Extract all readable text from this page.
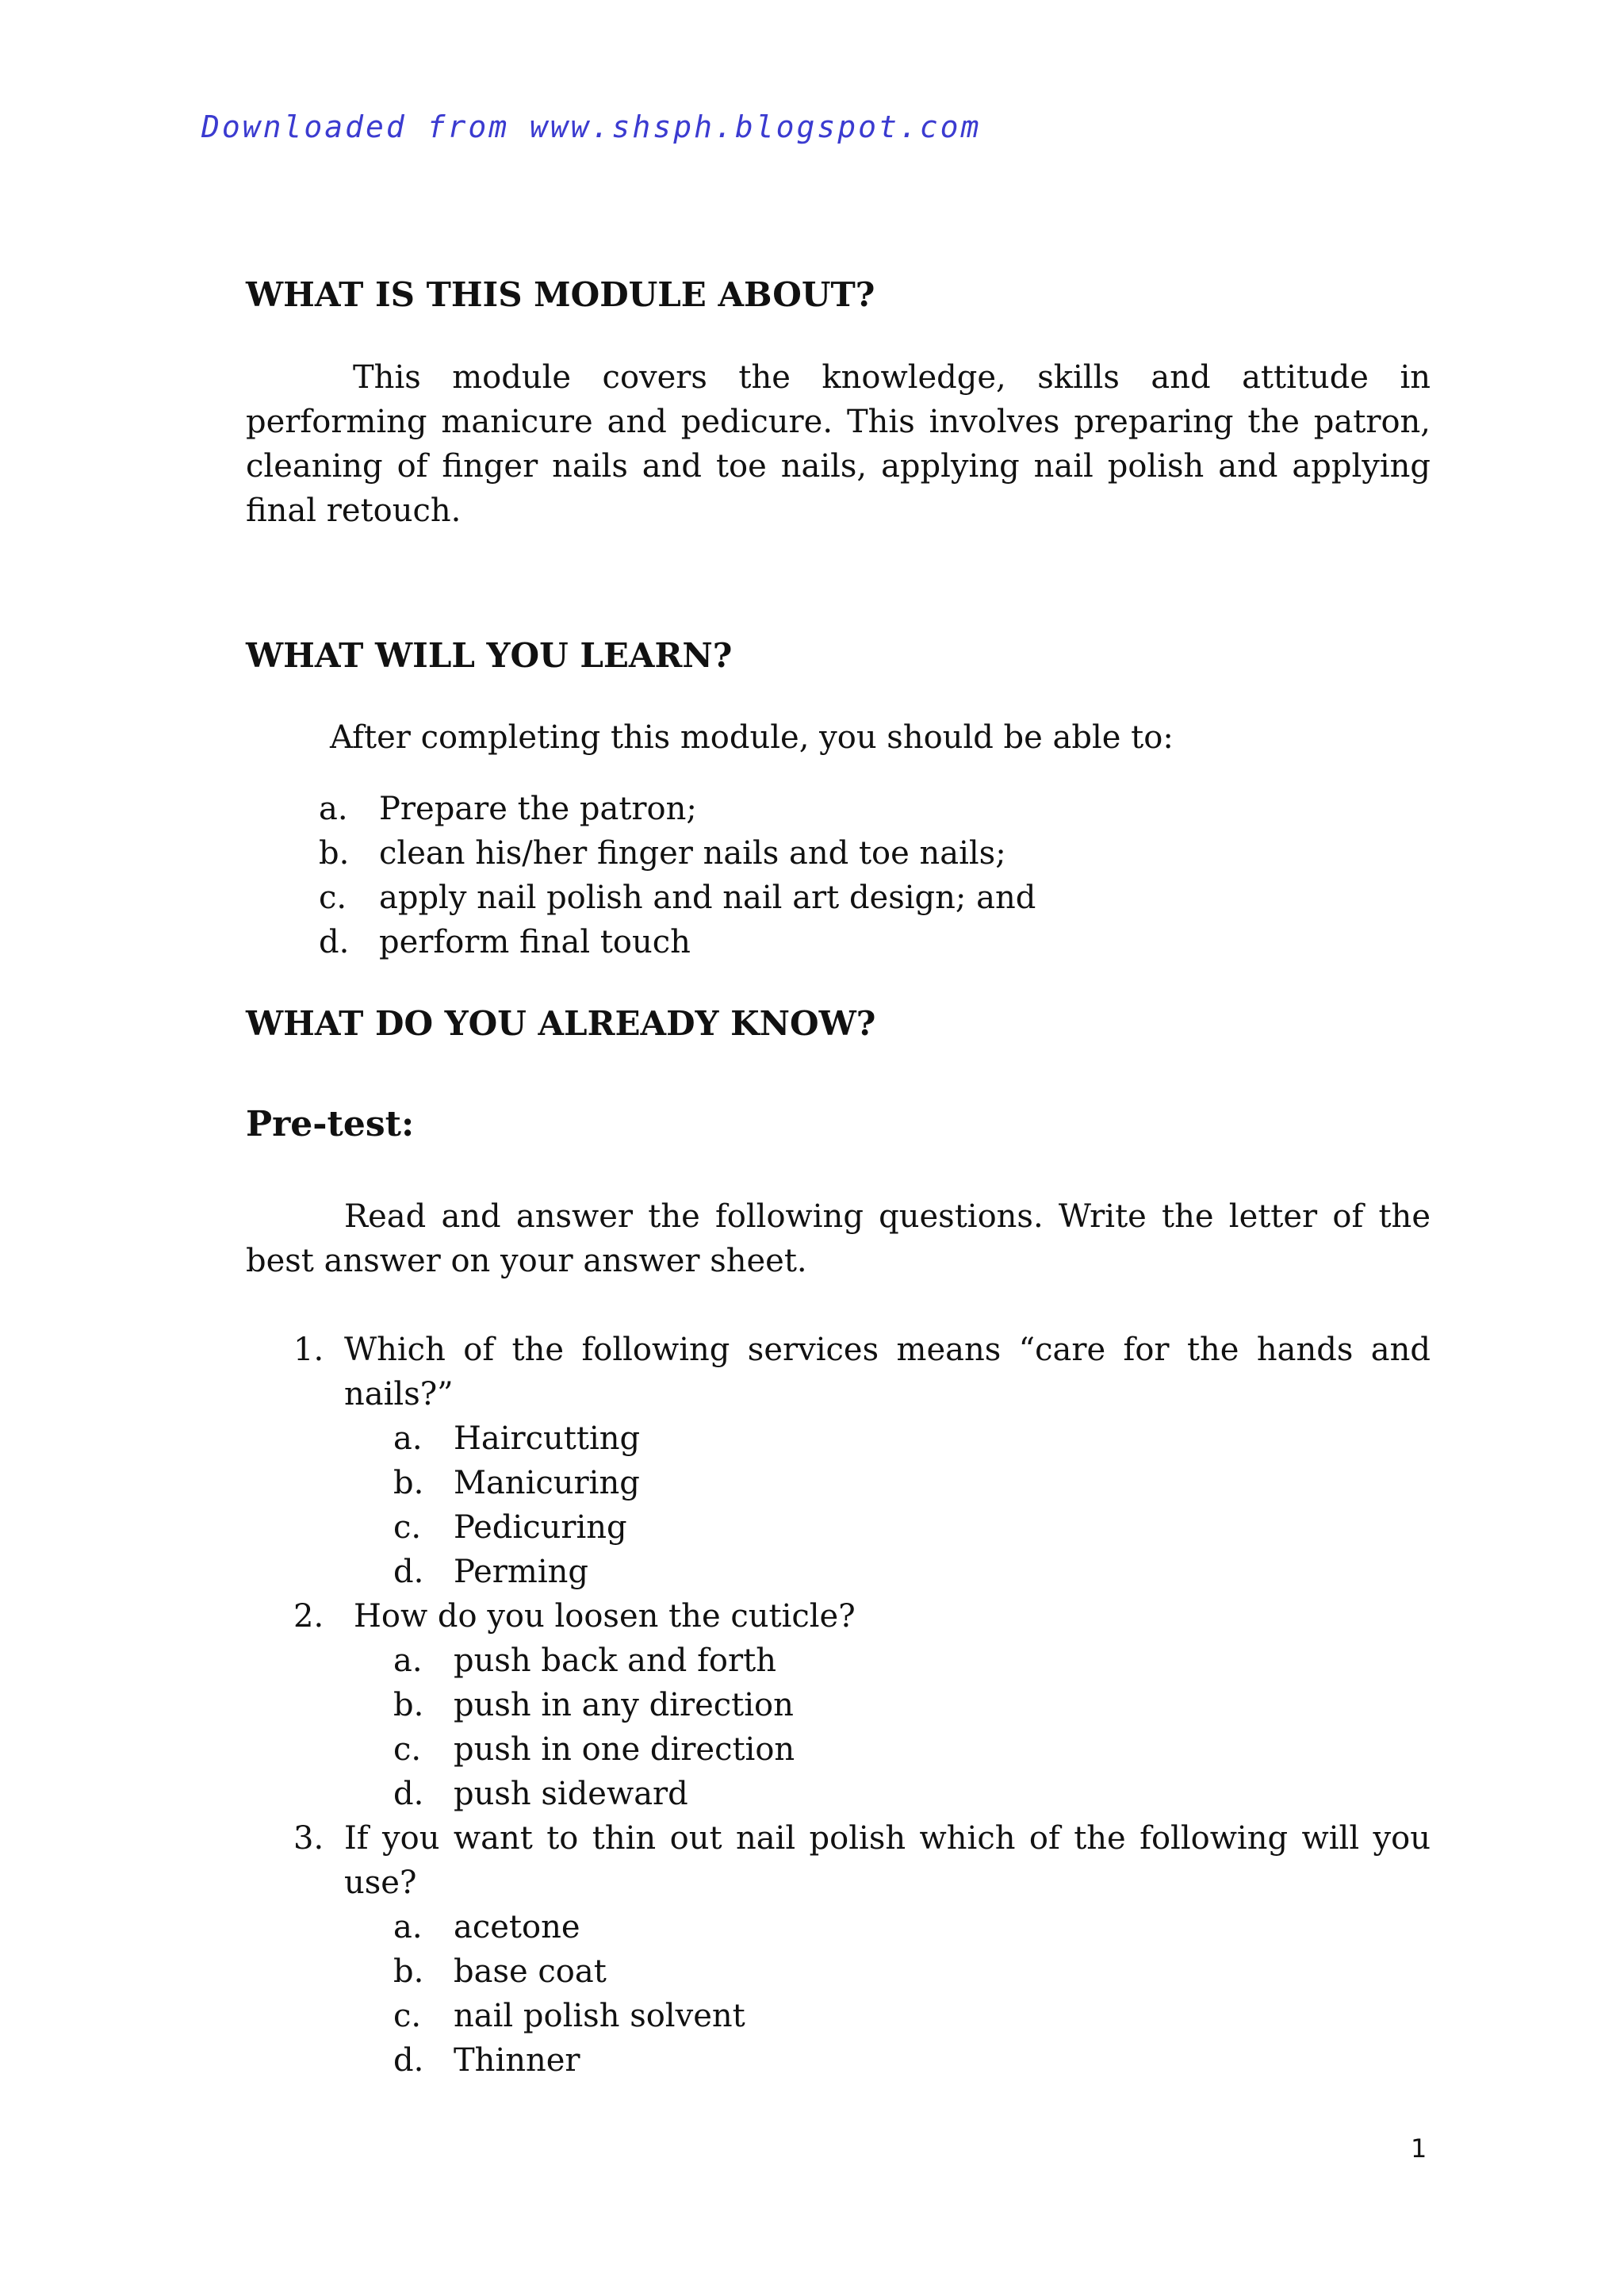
Downloaded from www.shsph.blogspot.com

WHAT IS THIS MODULE ABOUT?

This module covers the knowledge, skills and attitude in performing manicure and pedicure. This involves preparing the patron, cleaning of finger nails and toe nails, applying nail polish and applying final retouch.

WHAT WILL YOU LEARN?

After completing this module, you should be able to:

a. Prepare the patron;
b. clean his/her finger nails and toe nails;
c. apply nail polish and nail art design; and
d. perform final touch
WHAT DO YOU ALREADY KNOW?
Pre-test:

Read and answer the following questions. Write the letter of the best answer on your answer sheet.

1. Which of the following services means “care for the hands and nails?”
a. Haircutting
b. Manicuring
c. Pedicuring
d. Perming
2. How do you loosen the cuticle?
a. push back and forth
b. push in any direction
c. push in one direction
d. push sideward
3. If you want to thin out nail polish which of the following will you use?
a. acetone
b. base coat
c. nail polish solvent
d. Thinner

1
